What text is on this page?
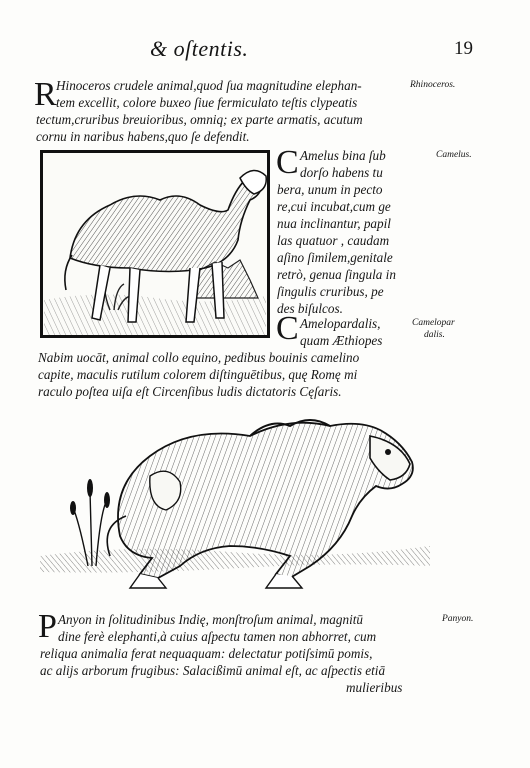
& oſtentis.	19
R Hinoceros crudele animal,quod ſua magnitudine elephan-
tem excellit, colore buxeo ſiue fermiculato teſtis clypeatis
tectum,cruribus breuioribus, omniq; ex parte armatis, acutum
cornu in naribus habens,quo ſe defendit.
Rhinoceros.
C Amelus bina ſub
dorſo habens tu
bera, unum in pecto
re,cui incubat,cum ge
nua inclinantur, papil
las quatuor , caudam
aſino ſimilem,genitale
retrò, genua ſingula in
ſingulis cruribus, pe
des biſulcos.
Camelus.
C Amelopardalis,
quam Æthiopes
Nabim uocāt, animal collo equino, pedibus bouinis camelino
capite, maculis rutilum colorem diſtinguētibus, quę Romę mi
raculo poſtea uiſa eſt Circenſibus ludis dictatoris Cęſaris.
Camelopar
dalis.
P Anyon in ſolitudinibus Indię, monſtroſum animal, magnitū
dine ferè elephanti,à cuius aſpectu tamen non abhorret, cum
reliqua animalia ferat nequaquam: delectatur potiſsimū pomis,
ac alijs arborum frugibus: Salacißimū animal eſt, ac aſpectis etiā
mulieribus
Panyon.
